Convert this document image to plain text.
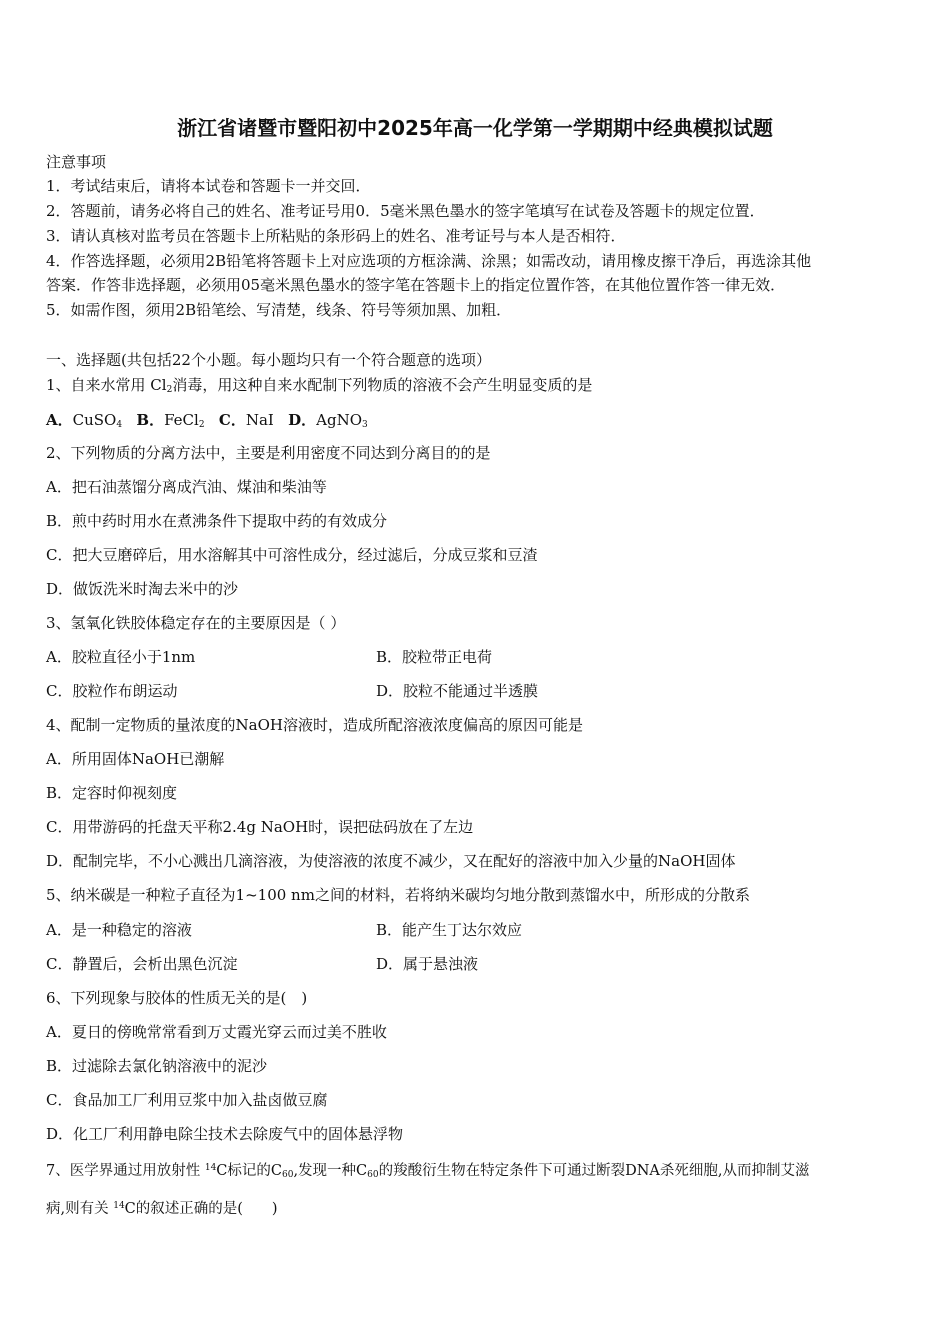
浙江省诸暨市暨阳初中2025年高一化学第一学期期中经典模拟试题
注意事项
1．考试结束后，请将本试卷和答题卡一并交回．
2．答题前，请务必将自己的姓名、准考证号用0．5毫米黑色墨水的签字笔填写在试卷及答题卡的规定位置．
3．请认真核对监考员在答题卡上所粘贴的条形码上的姓名、准考证号与本人是否相符．
4．作答选择题，必须用2B铅笔将答题卡上对应选项的方框涂满、涂黑；如需改动，请用橡皮擦干净后，再选涂其他
答案．作答非选择题，必须用05毫米黑色墨水的签字笔在答题卡上的指定位置作答，在其他位置作答一律无效．
5．如需作图，须用2B铅笔绘、写清楚，线条、符号等须加黑、加粗．
一、选择题(共包括22个小题。每小题均只有一个符合题意的选项）
1、自来水常用 $Cl_2$消毒，用这种自来水配制下列物质的溶液不会产生明显变质的是
A．CuSO$_4$ B．FeCl$_2$ C．NaI D．AgNO$_3$
2、下列物质的分离方法中，主要是利用密度不同达到分离目的的是
A．把石油蒸馏分离成汽油、煤油和柴油等
B．煎中药时用水在煮沸条件下提取中药的有效成分
C．把大豆磨碎后，用水溶解其中可溶性成分，经过滤后，分成豆浆和豆渣
D．做饭洗米时淘去米中的沙
3、氢氧化铁胶体稳定存在的主要原因是（ ）
A．胶粒直径小于1nm	B．胶粒带正电荷
C．胶粒作布朗运动	D．胶粒不能通过半透膜
4、配制一定物质的量浓度的NaOH溶液时，造成所配溶液浓度偏高的原因可能是
A．所用固体NaOH已潮解
B．定容时仰视刻度
C．用带游码的托盘天平称2.4g NaOH时，误把砝码放在了左边
D．配制完毕，不小心溅出几滴溶液，为使溶液的浓度不减少，又在配好的溶液中加入少量的NaOH固体
5、纳米碳是一种粒子直径为1~100 nm之间的材料，若将纳米碳均匀地分散到蒸馏水中，所形成的分散系
A．是一种稳定的溶液	B．能产生丁达尔效应
C．静置后，会析出黑色沉淀	D．属于悬浊液
6、下列现象与胶体的性质无关的是(　)
A．夏日的傍晚常常看到万丈霞光穿云而过美不胜收
B．过滤除去氯化钠溶液中的泥沙
C．食品加工厂利用豆浆中加入盐卤做豆腐
D．化工厂利用静电除尘技术去除废气中的固体悬浮物
7、医学界通过用放射性 $^{14}$C标记的$C_{60}$,发现一种$C_{60}$的羧酸衍生物在特定条件下可通过断裂DNA杀死细胞,从而抑制艾滋
病,则有关 $^{14}$C的叙述正确的是(　　)
